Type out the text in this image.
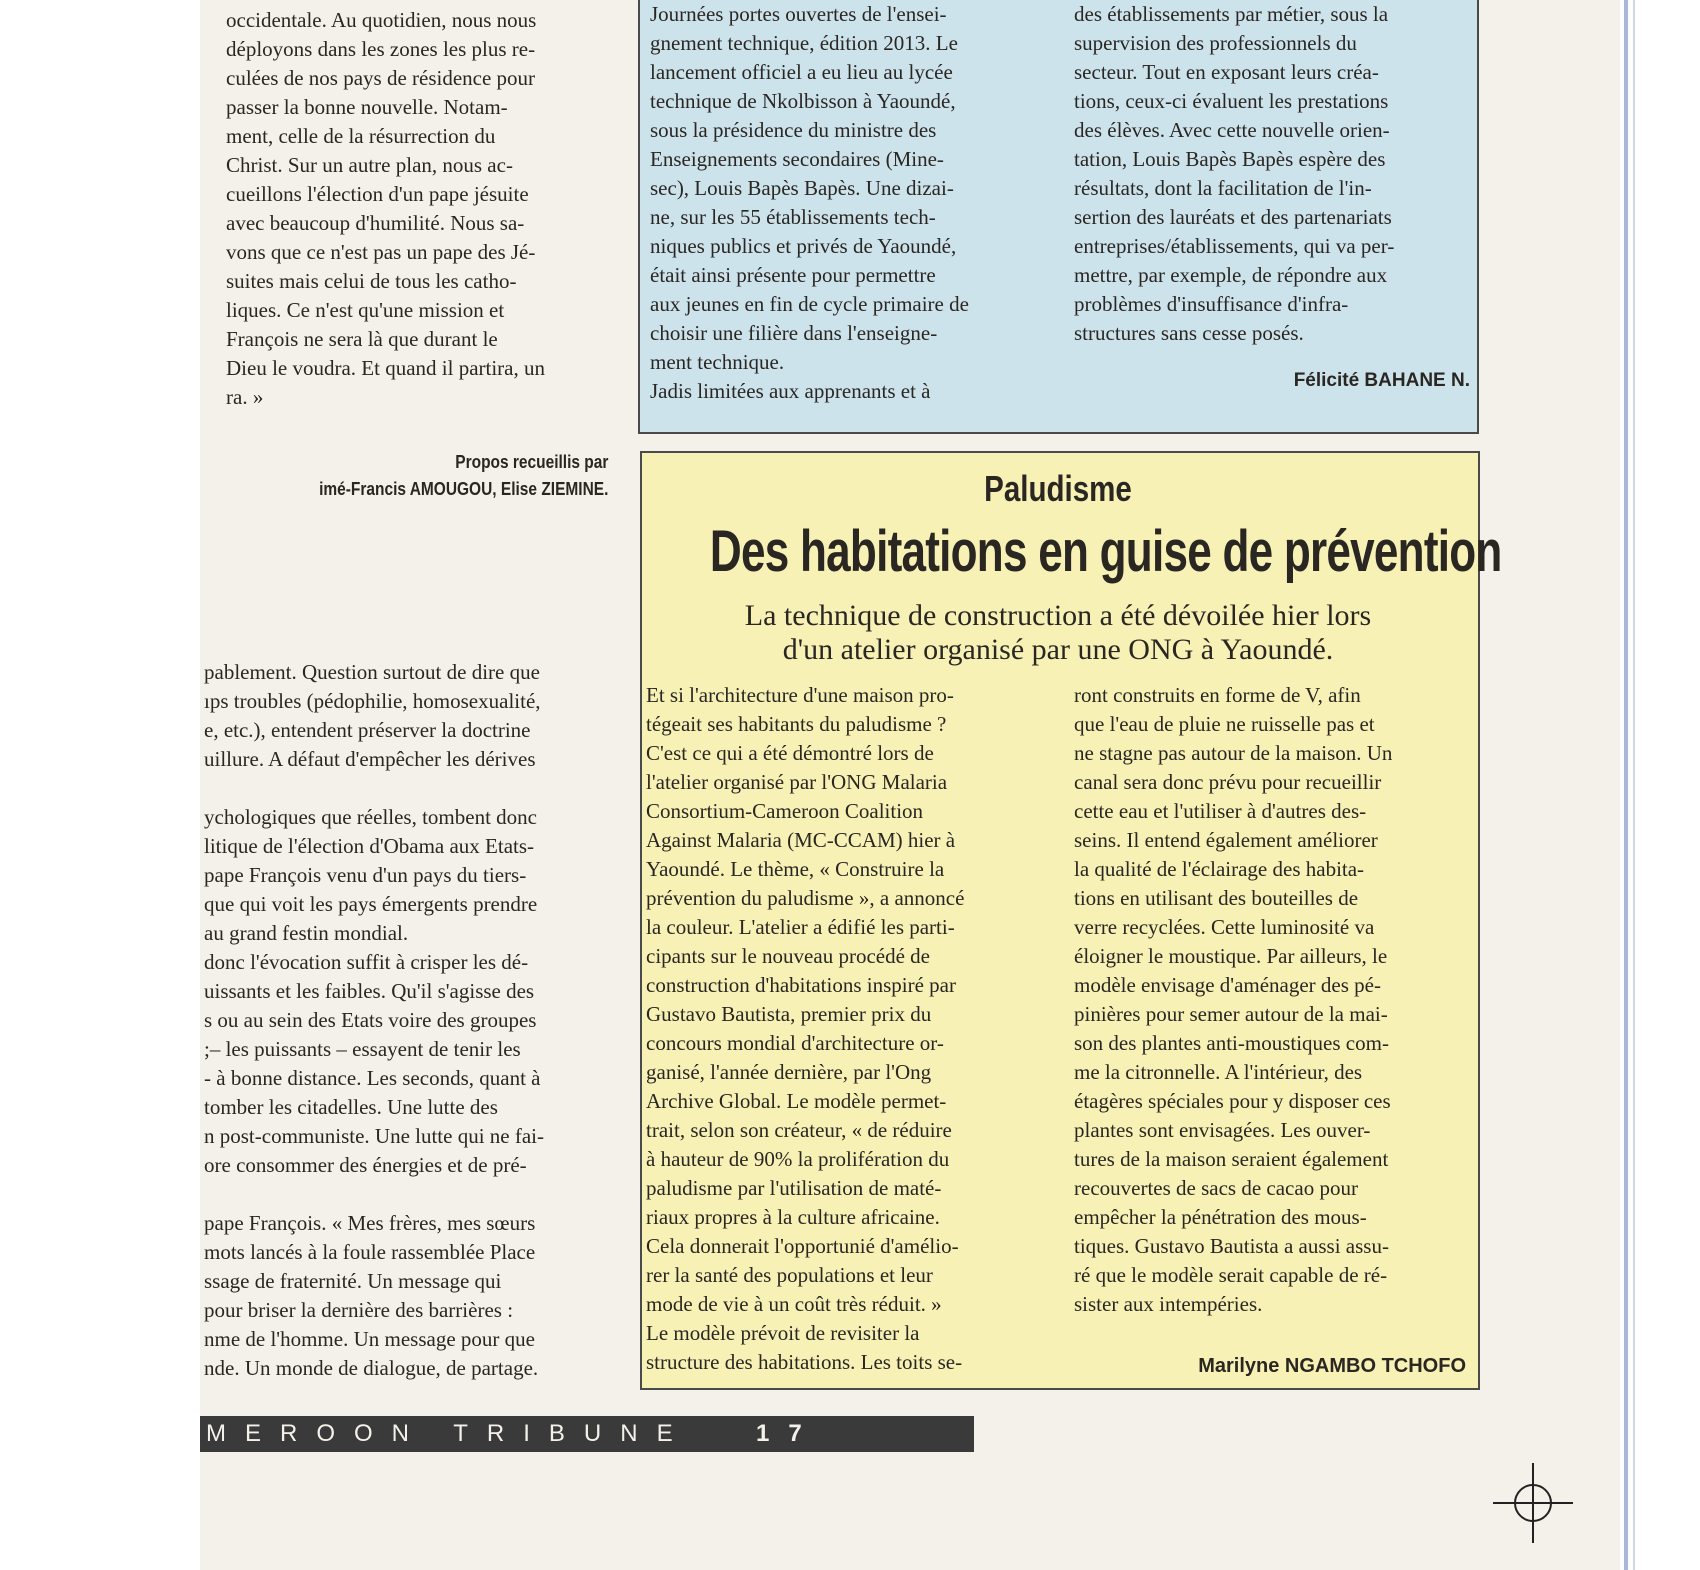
occidentale. Au quotidien, nous nous
déployons dans les zones les plus re-
culées de nos pays de résidence pour
passer la bonne nouvelle. Notam-
ment, celle de la résurrection du
Christ. Sur un autre plan, nous ac-
cueillons l'élection d'un pape jésuite
avec beaucoup d'humilité. Nous sa-
vons que ce n'est pas un pape des Jé-
suites mais celui de tous les catho-
liques. Ce n'est qu'une mission et
François ne sera là que durant le
Dieu le voudra. Et quand il partira, un
ra. »
Propos recueillis par
imé-Francis AMOUGOU, Elise ZIEMINE.
pablement. Question surtout de dire que
ıps troubles (pédophilie, homosexualité,
e, etc.), entendent préserver la doctrine
uillure. A défaut d'empêcher les dérives

ychologiques que réelles, tombent donc
litique de l'élection d'Obama aux Etats-
pape François venu d'un pays du tiers-
que qui voit les pays émergents prendre
au grand festin mondial.
donc l'évocation suffit à crisper les dé-
uissants et les faibles. Qu'il s'agisse des
s ou au sein des Etats voire des groupes
;– les puissants – essayent de tenir les
- à bonne distance. Les seconds, quant à
tomber les citadelles. Une lutte des
n post-communiste. Une lutte qui ne fai-
ore consommer des énergies et de pré-

pape François. « Mes frères, mes sœurs
mots lancés à la foule rassemblée Place
ssage de fraternité. Un message qui
pour briser la dernière des barrières :
nme de l'homme. Un message pour que
nde. Un monde de dialogue, de partage.
Journées portes ouvertes de l'ensei-
gnement technique, édition 2013. Le
lancement officiel a eu lieu au lycée
technique de Nkolbisson à Yaoundé,
sous la présidence du ministre des
Enseignements secondaires (Mine-
sec), Louis Bapès Bapès. Une dizai-
ne, sur les 55 établissements tech-
niques publics et privés de Yaoundé,
était ainsi présente pour permettre
aux jeunes en fin de cycle primaire de
choisir une filière dans l'enseigne-
ment technique.
Jadis limitées aux apprenants et à
des établissements par métier, sous la
supervision des professionnels du
secteur. Tout en exposant leurs créa-
tions, ceux-ci évaluent les prestations
des élèves. Avec cette nouvelle orien-
tation, Louis Bapès Bapès espère des
résultats, dont la facilitation de l'in-
sertion des lauréats et des partenariats
entreprises/établissements, qui va per-
mettre, par exemple, de répondre aux
problèmes d'insuffisance d'infra-
structures sans cesse posés.
Félicité BAHANE N.
Paludisme
Des habitations en guise de prévention
La technique de construction a été dévoilée hier lors
d'un atelier organisé par une ONG à Yaoundé.
Et si l'architecture d'une maison pro-
tégeait ses habitants du paludisme ?
C'est ce qui a été démontré lors de
l'atelier organisé par l'ONG Malaria
Consortium-Cameroon Coalition
Against Malaria (MC-CCAM) hier à
Yaoundé. Le thème, « Construire la
prévention du paludisme », a annoncé
la couleur. L'atelier a édifié les parti-
cipants sur le nouveau procédé de
construction d'habitations inspiré par
Gustavo Bautista, premier prix du
concours mondial d'architecture or-
ganisé, l'année dernière, par l'Ong
Archive Global. Le modèle permet-
trait, selon son créateur, « de réduire
à hauteur de 90% la prolifération du
paludisme par l'utilisation de maté-
riaux propres à la culture africaine.
Cela donnerait l'opportunié d'amélio-
rer la santé des populations et leur
mode de vie à un coût très réduit. »
Le modèle prévoit de revisiter la
structure des habitations. Les toits se-
ront construits en forme de V, afin
que l'eau de pluie ne ruisselle pas et
ne stagne pas autour de la maison. Un
canal sera donc prévu pour recueillir
cette eau et l'utiliser à d'autres des-
seins. Il entend également améliorer
la qualité de l'éclairage des habita-
tions en utilisant des bouteilles de
verre recyclées. Cette luminosité va
éloigner le moustique. Par ailleurs, le
modèle envisage d'aménager des pé-
pinières pour semer autour de la mai-
son des plantes anti-moustiques com-
me la citronnelle. A l'intérieur, des
étagères spéciales pour y disposer ces
plantes sont envisagées. Les ouver-
tures de la maison seraient également
recouvertes de sacs de cacao pour
empêcher la pénétration des mous-
tiques. Gustavo Bautista a aussi assu-
ré que le modèle serait capable de ré-
sister aux intempéries.
Marilyne NGAMBO TCHOFO
MEROON TRIBUNE	17
